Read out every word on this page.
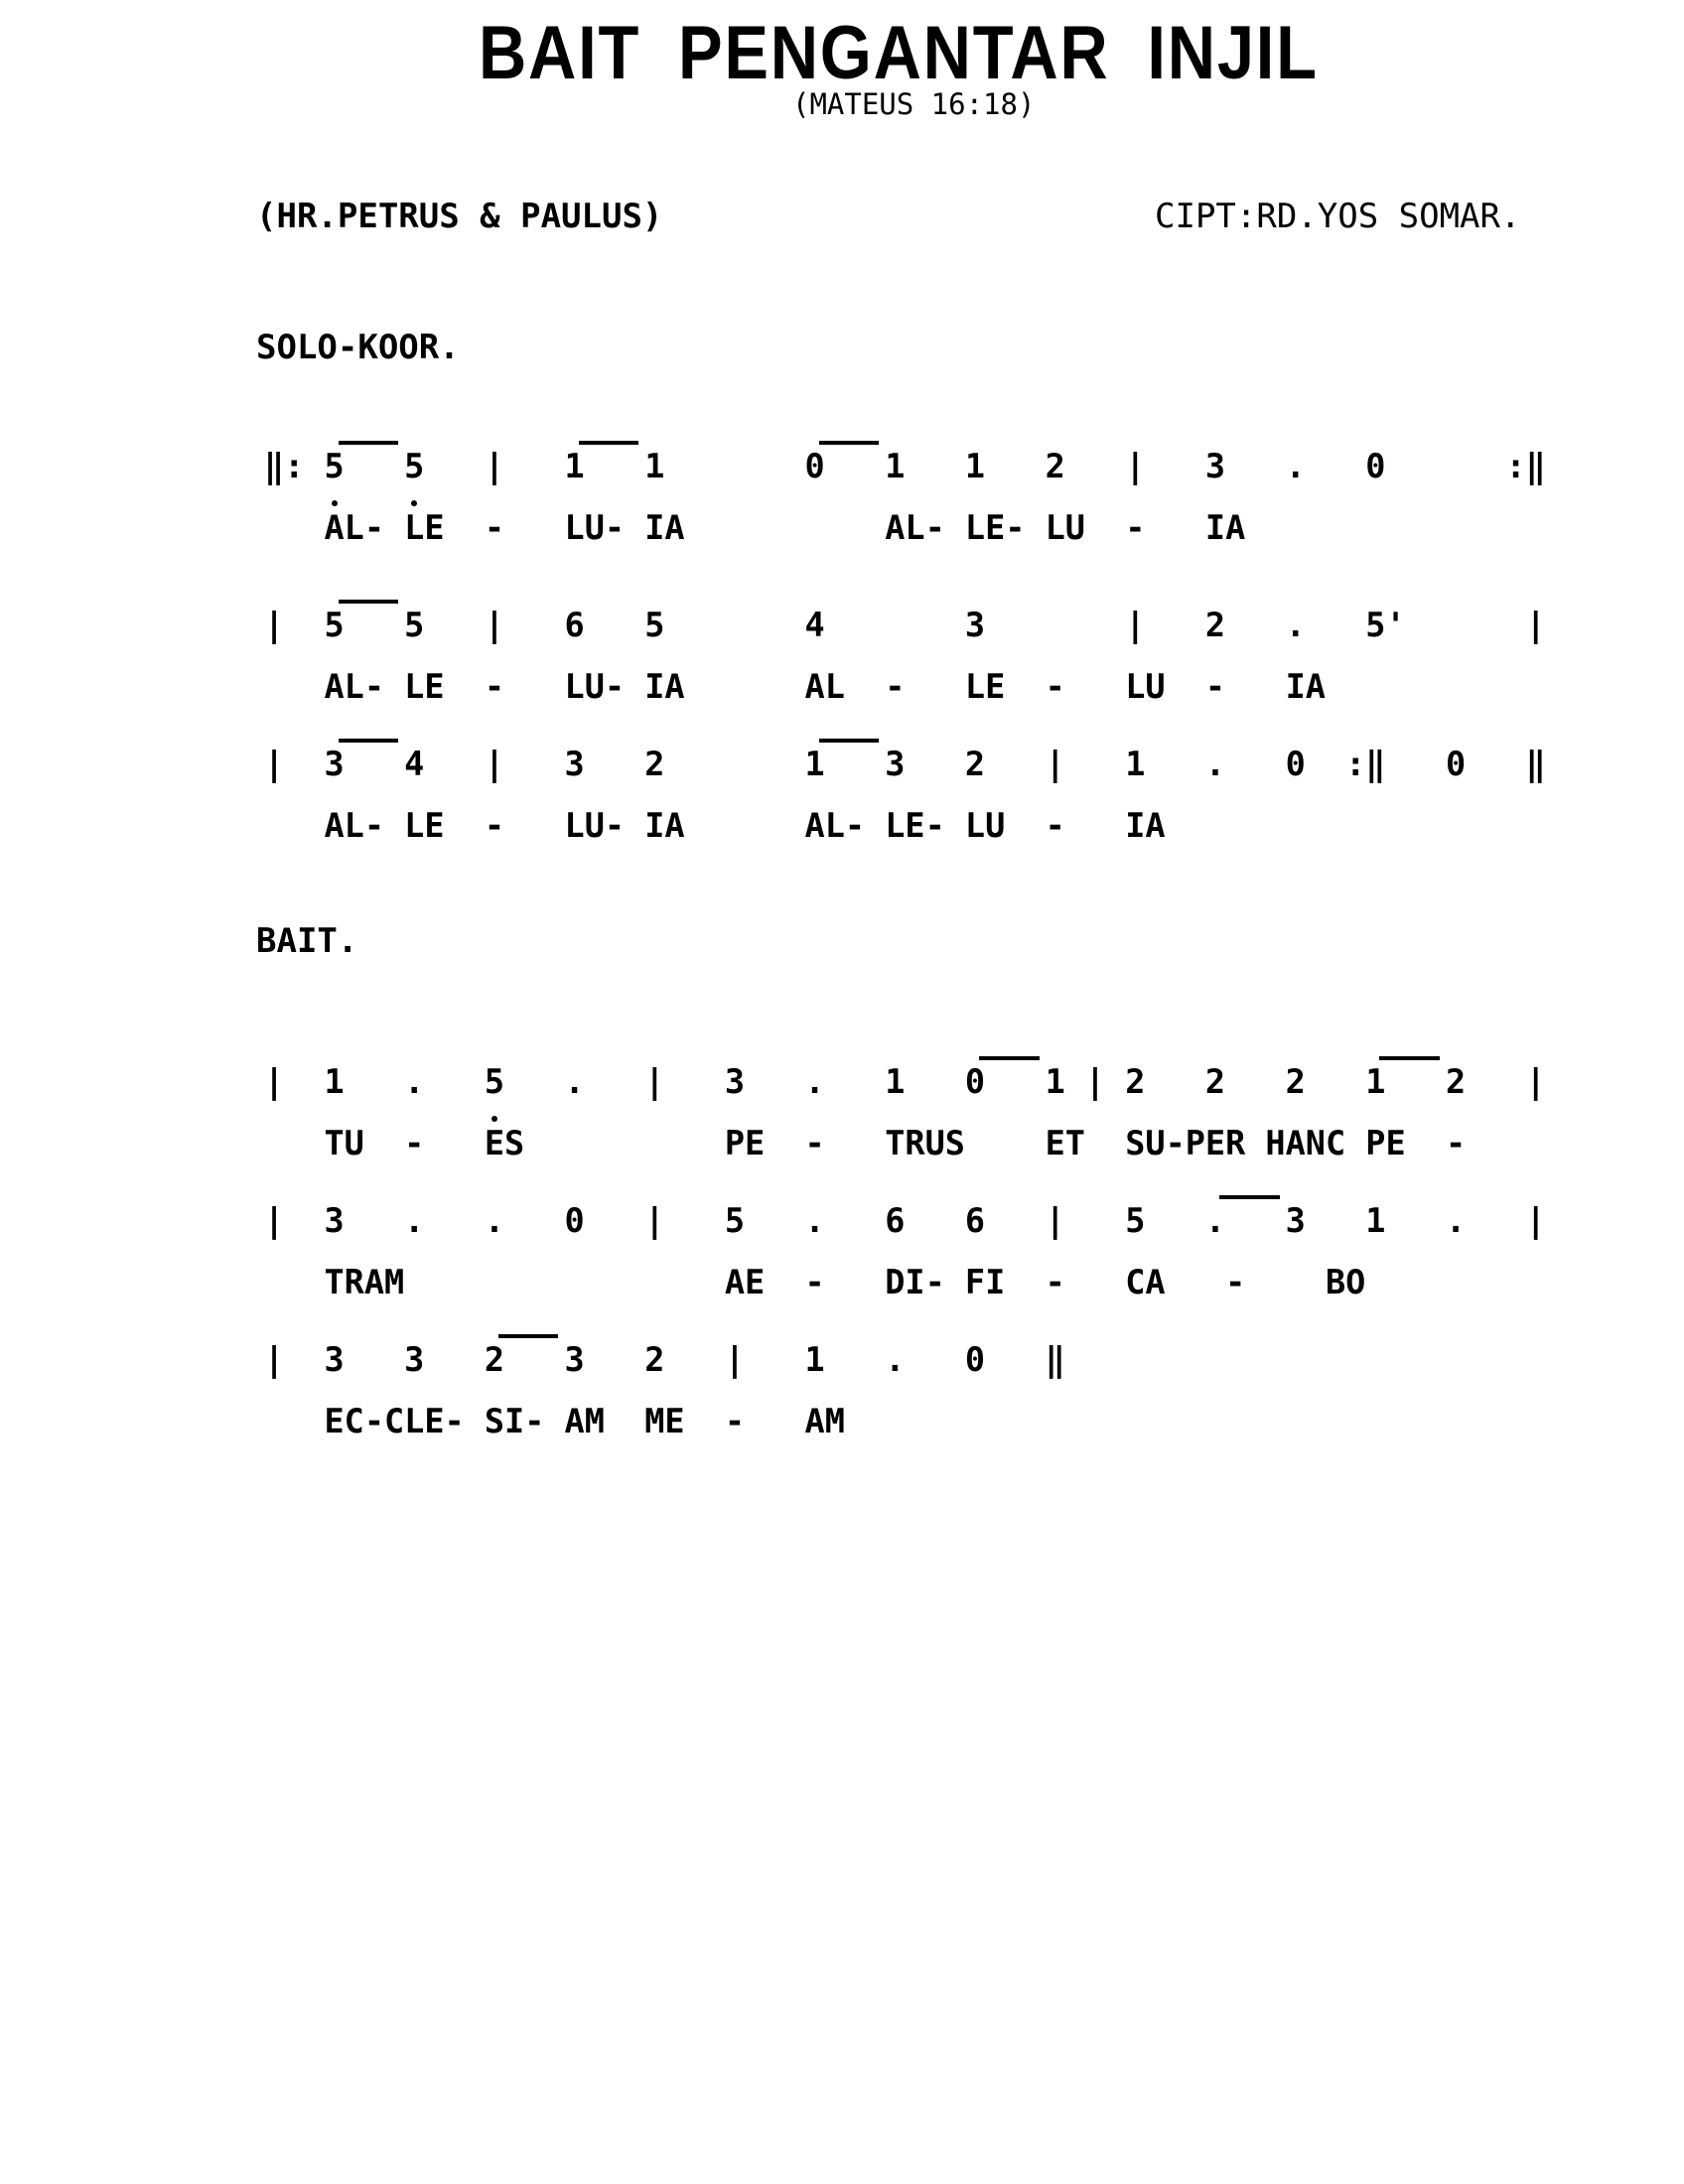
BAIT PENGANTAR INJIL
(MATEUS 16:18)
(HR.PETRUS & PAULUS)	CIPT:RD.YOS SOMAR.
SOLO-KOOR.
BAIT.
‖: 5   5   |   1   1       0   1   1   2   |   3   .   0      :‖
AL- LE  -   LU- IA          AL- LE- LU  -   IA
|  5   5   |   6   5       4       3       |   2   .   5'      |
AL- LE  -   LU- IA      AL  -   LE  -   LU  -   IA
|  3   4   |   3   2       1   3   2   |   1   .   0  :‖   0   ‖
AL- LE  -   LU- IA      AL- LE- LU  -   IA
|  1   .   5   .   |   3   .   1   0   1 | 2   2   2   1   2   |
TU  -   ES          PE  -   TRUS    ET  SU-PER HANC PE  -
|  3   .   .   0   |   5   .   6   6   |   5   .   3   1   .   |
TRAM                AE  -   DI- FI  -   CA   -    BO
|  3   3   2   3   2   |   1   .   0   ‖
EC-CLE- SI- AM  ME  -   AM
